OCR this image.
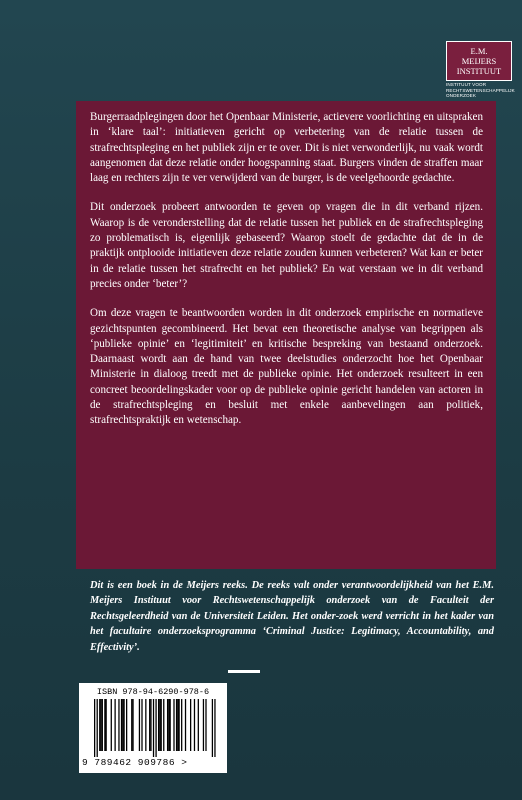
E.M.
MEIJERS
INSTITUUT
INSTITUUT VOOR
RECHTSWETENSCHAPPELIJK
ONDERZOEK

Burgerraadplegingen door het Openbaar Ministerie, actievere voorlichting en uitspraken in ‘klare taal’: initiatieven gericht op verbetering van de relatie tussen de strafrechtspleging en het publiek zijn er te over. Dit is niet verwonderlijk, nu vaak wordt aangenomen dat deze relatie onder hoogspanning staat. Burgers vinden de straffen maar laag en rechters zijn te ver verwijderd van de burger, is de veelgehoorde gedachte.

Dit onderzoek probeert antwoorden te geven op vragen die in dit verband rijzen. Waarop is de veronderstelling dat de relatie tussen het publiek en de strafrechtspleging zo problematisch is, eigenlijk gebaseerd? Waarop stoelt de gedachte dat de in de praktijk ontplooide initiatieven deze relatie zouden kunnen verbeteren? Wat kan er beter in de relatie tussen het strafrecht en het publiek? En wat verstaan we in dit verband precies onder ‘beter’?

Om deze vragen te beantwoorden worden in dit onderzoek empirische en normatieve gezichtspunten gecombineerd. Het bevat een theoretische analyse van begrippen als ‘publieke opinie’ en ‘legitimiteit’ en kritische bespreking van bestaand onderzoek. Daarnaast wordt aan de hand van twee deelstudies onderzocht hoe het Openbaar Ministerie in dialoog treedt met de publieke opinie. Het onderzoek resulteert in een concreet beoordelingskader voor op de publieke opinie gericht handelen van actoren in de strafrechtspleging en besluit met enkele aanbevelingen aan politiek, strafrechtspraktijk en wetenschap.

Dit is een boek in de Meijers reeks. De reeks valt onder verantwoordelijkheid van het E.M. Meijers Instituut voor Rechtswetenschappelijk onderzoek van de Faculteit der Rechtsgeleerdheid van de Universiteit Leiden. Het onder-zoek werd verricht in het kader van het facultaire onderzoeksprogramma ‘Criminal Justice: Legitimacy, Accountability, and Effectivity’.
ISBN 978-94-6290-978-6
9 789462 909786 >
